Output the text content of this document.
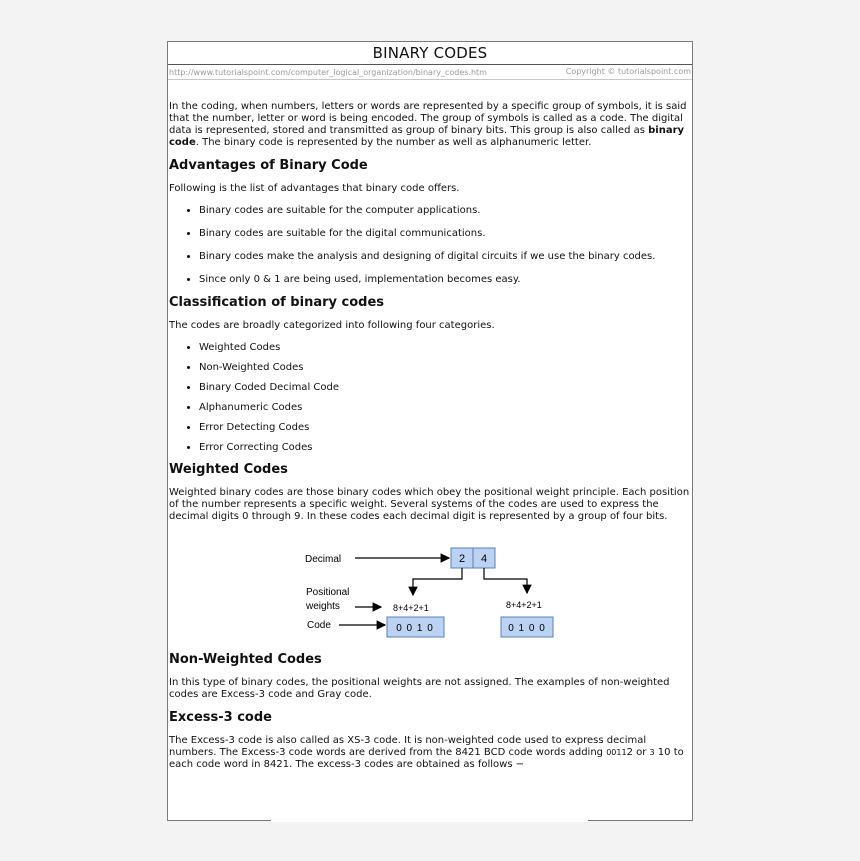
BINARY CODES
http://www.tutorialspoint.com/computer_logical_organization/binary_codes.htm	Copyright © tutorialspoint.com

In the coding, when numbers, letters or words are represented by a specific group of symbols, it is said that the number, letter or word is being encoded. The group of symbols is called as a code. The digital data is represented, stored and transmitted as group of binary bits. This group is also called as binary code. The binary code is represented by the number as well as alphanumeric letter.

Advantages of Binary Code

Following is the list of advantages that binary code offers.

• Binary codes are suitable for the computer applications.
• Binary codes are suitable for the digital communications.
• Binary codes make the analysis and designing of digital circuits if we use the binary codes.
• Since only 0 & 1 are being used, implementation becomes easy.
Classification of binary codes

The codes are broadly categorized into following four categories.

• Weighted Codes
• Non-Weighted Codes
• Binary Coded Decimal Code
• Alphanumeric Codes
• Error Detecting Codes
• Error Correcting Codes
Weighted Codes

Weighted binary codes are those binary codes which obey the positional weight principle. Each position of the number represents a specific weight. Several systems of the codes are used to express the decimal digits 0 through 9. In these codes each decimal digit is represented by a group of four bits.

Decimal	2 4
Positional
weights	8+4+2+1	8+4+2+1
Code	0 0 1 0	0 1 0 0
Non-Weighted Codes

In this type of binary codes, the positional weights are not assigned. The examples of non-weighted codes are Excess-3 code and Gray code.

Excess-3 code

The Excess-3 code is also called as XS-3 code. It is non-weighted code used to express decimal numbers. The Excess-3 code words are derived from the 8421 BCD code words adding 00112 or 3 10 to each code word in 8421. The excess-3 codes are obtained as follows −
